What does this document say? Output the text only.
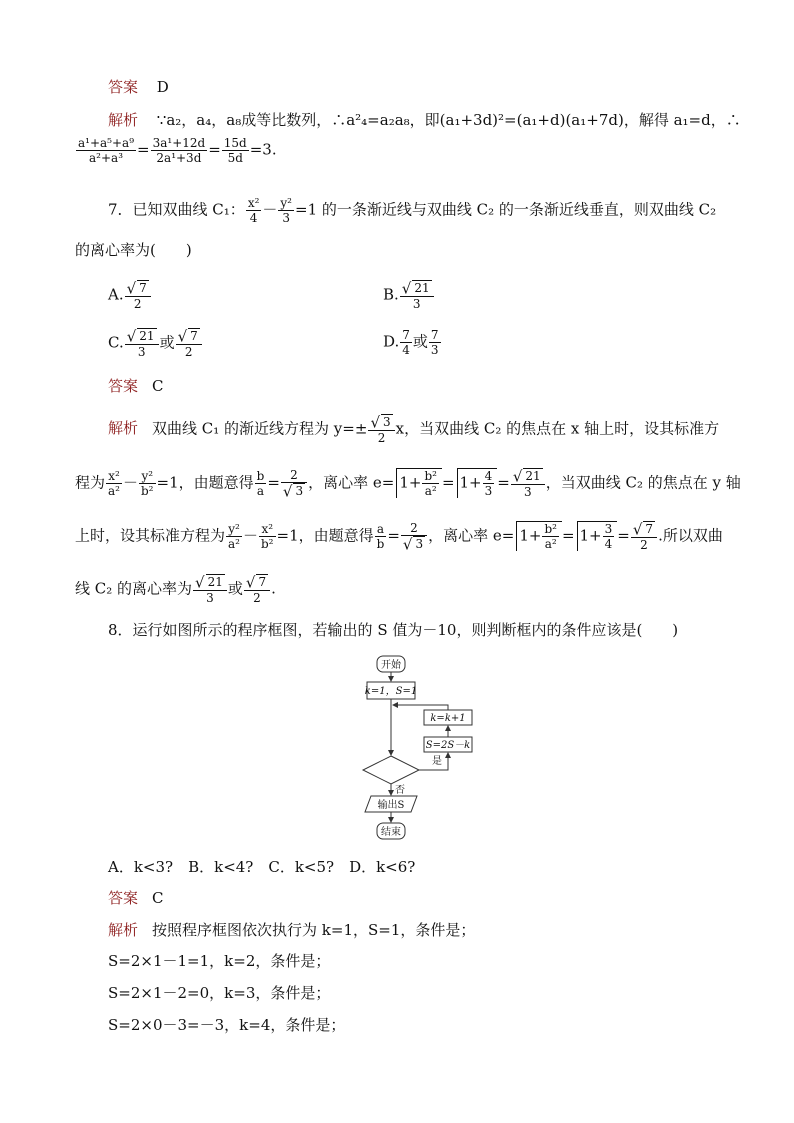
答案 D
解析 ∵a₂，a₄，a₈成等比数列，∴a²₄=a₂a₈，即(a₁+3d)²=(a₁+d)(a₁+7d)，解得 a₁=d，∴
$\frac{\text{a¹+a⁵+a⁹}}{\text{a²+a³}} = \frac{\text{3a¹+12d}}{\text{2a¹+3d}} = \frac{15d}{5d} =3$.
7．已知双曲线 C₁： $\frac{\text{x²}}{4} - \frac{\text{y²}}{3} =1$ 的一条渐近线与双曲线 C₂ 的一条渐近线垂直，则双曲线 C₂
的离心率为(　　)
A. $\frac{√ 7}{2}$	B. $\frac{√ 21}{3}$
C. $\frac{√ 21}{3}$ 或 $\frac{√ 7}{2}$	D. $\frac{7}{4}$ 或 $\frac{7}{3}$
答案 C
解析 双曲线 C₁ 的渐近线方程为 $y=\pm \frac{√ 3}{2}$ x，当双曲线 C₂ 的焦点在 x 轴上时，设其标准方
程为 $\frac{\text{x²}}{\text{a²}} - \frac{\text{y²}}{\text{b²}} =1$，由题意得 $\frac{b}{a} = \frac{2}{√ 3}$ ，离心率 $e= 1+ \frac{\text{b²}}{\text{a²}} = 1+ \frac{4}{3} = \frac{√ 21}{3}$ ，当双曲线 C₂ 的焦点在 y 轴
上时，设其标准方程为 $\frac{\text{y²}}{\text{a²}} - \frac{\text{x²}}{\text{b²}} =1$，由题意得 $\frac{a}{b} = \frac{2}{√ 3}$ ，离心率 $e= 1+ \frac{\text{b²}}{\text{a²}} = 1+ \frac{3}{4} = \frac{√ 7}{2}$ .所以双曲
线 C₂ 的离心率为 $\frac{√ 21}{3}$ 或 $\frac{√ 7}{2}$ .
8．运行如图所示的程序框图，若输出的 S 值为－10，则判断框内的条件应该是(　　)
开始
k=1，S=1
k=k+1
S=2S－k
是
否
输出S
结束
A．k<3?　B．k<4?　C．k<5?　D．k<6?
答案 C
解析 按照程序框图依次执行为 k=1，S=1，条件是；
S=2×1－1=1，k=2，条件是；
S=2×1－2=0，k=3，条件是；
S=2×0－3=－3，k=4，条件是；
